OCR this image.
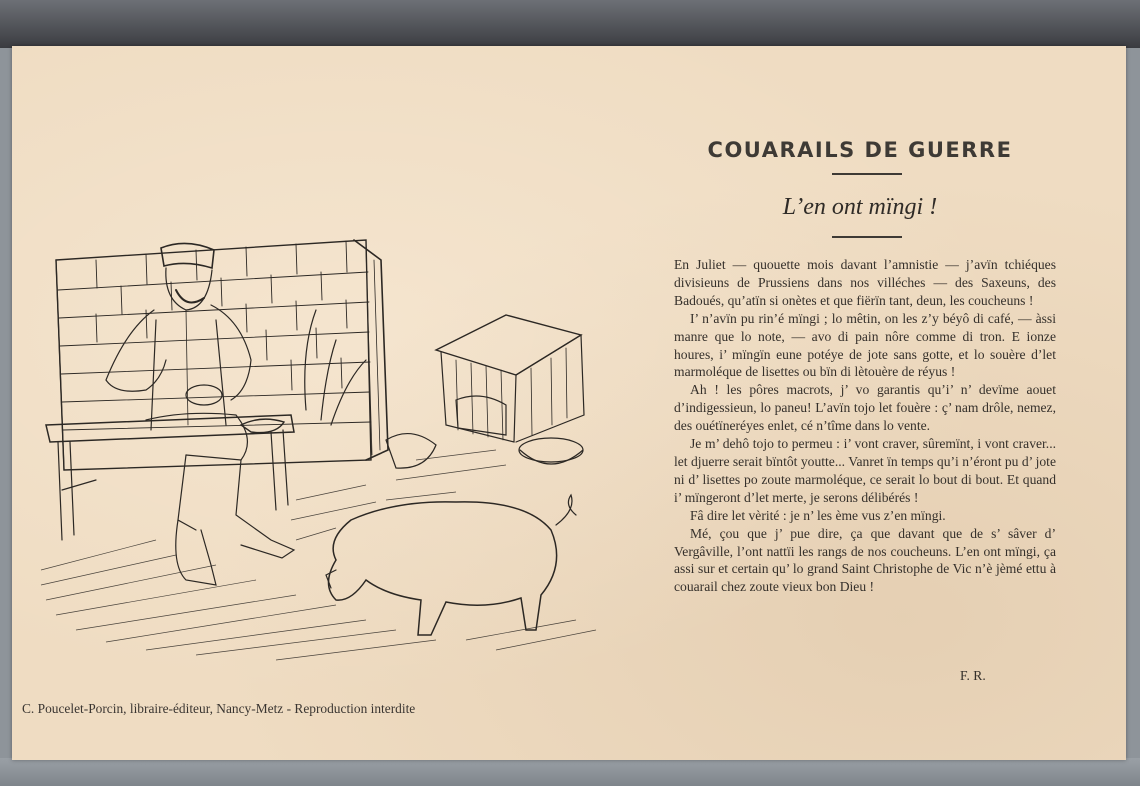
COUARAILS DE GUERRE
L’en ont mïngi !

En Juliet — quouette mois davant l’amnistie — j’avïn tchiéques divisieuns de Prussiens dans nos villéches — des Saxeuns, des Badoués, qu’atïn si onètes et que fiërïn tant, deun, les coucheuns !

I’ n’avïn pu rin’é mïngi ; lo mêtin, on les z’y béyô di café, — àssi manre que lo note, — avo di pain nôre comme di tron. E ionze houres, i’ mïngïn eune potéye de jote sans gotte, et lo souère d’let marmoléque de lisettes ou bïn di lètouère de réyus !

Ah ! les pôres macrots, j’ vo garantis qu’i’ n’ devïme aouet d’indigessieun, lo paneu! L’avïn tojo let fouère : ç’ nam drôle, nemez, des ouétïneréyes enlet, cé n’tîme dans lo vente.

Je m’ dehô tojo to permeu : i’ vont craver, sûremïnt, i vont craver... let djuerre serait bïntôt youtte... Vanret ïn temps qu’i n’éront pu d’ jote ni d’ lisettes po zoute marmoléque, ce serait lo bout di bout. Et quand i’ mïngeront d’let merte, je serons délibérés !

Fâ dire let vèrité : je n’ les ème vus z’en mïngi.

Mé, çou que j’ pue dire, ça que davant que de s’ sâver d’ Vergâville, l’ont nattïi les rangs de nos coucheuns. L’en ont mïngi, ça assi sur et certain qu’ lo grand Saint Christophe de Vic n’è jèmé ettu à couarail chez zoute vieux bon Dieu !

F. R.
C. Poucelet-Porcin, libraire-éditeur, Nancy-Metz - Reproduction interdite
